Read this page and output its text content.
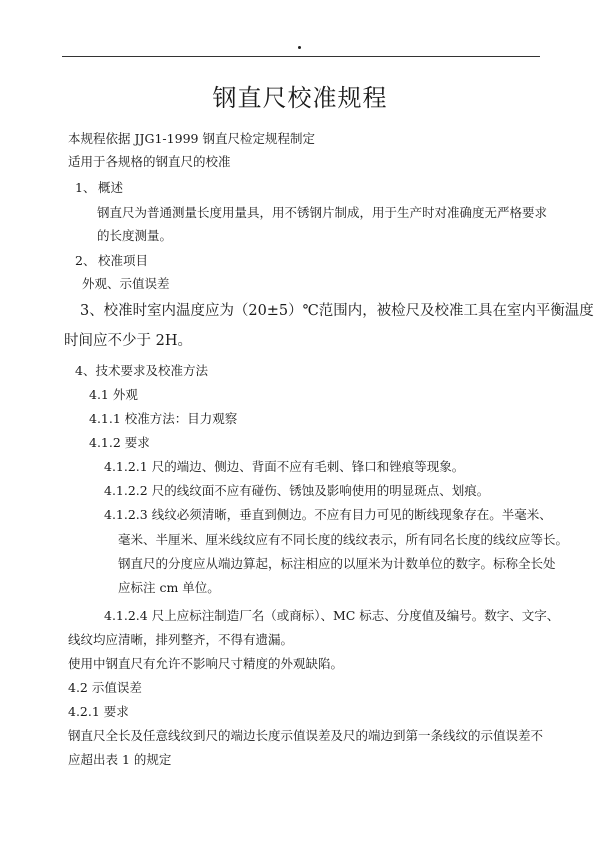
钢直尺校准规程
本规程依据 JJG1-1999 钢直尺检定规程制定
适用于各规格的钢直尺的校准
1、 概述
钢直尺为普通测量长度用量具，用不锈钢片制成，用于生产时对准确度无严格要求
的长度测量。
2、 校准项目
外观、示值误差
3、校准时室内温度应为（20±5）℃范围内，被检尺及校准工具在室内平衡温度
时间应不少于 2H。
4、技术要求及校准方法
4.1 外观
4.1.1 校准方法：目力观察
4.1.2 要求
4.1.2.1 尺的端边、侧边、背面不应有毛刺、锋口和锉痕等现象。
4.1.2.2 尺的线纹面不应有碰伤、锈蚀及影响使用的明显斑点、划痕。
4.1.2.3 线纹必须清晰，垂直到侧边。不应有目力可见的断线现象存在。半毫米、
毫米、半厘米、厘米线纹应有不同长度的线纹表示，所有同名长度的线纹应等长。
钢直尺的分度应从端边算起，标注相应的以厘米为计数单位的数字。标称全长处
应标注 cm 单位。
4.1.2.4 尺上应标注制造厂名（或商标）、MC 标志、分度值及编号。数字、文字、
线纹均应清晰，排列整齐，不得有遗漏。
使用中钢直尺有允许不影响尺寸精度的外观缺陷。
4.2 示值误差
4.2.1 要求
钢直尺全长及任意线纹到尺的端边长度示值误差及尺的端边到第一条线纹的示值误差不
应超出表 1 的规定
